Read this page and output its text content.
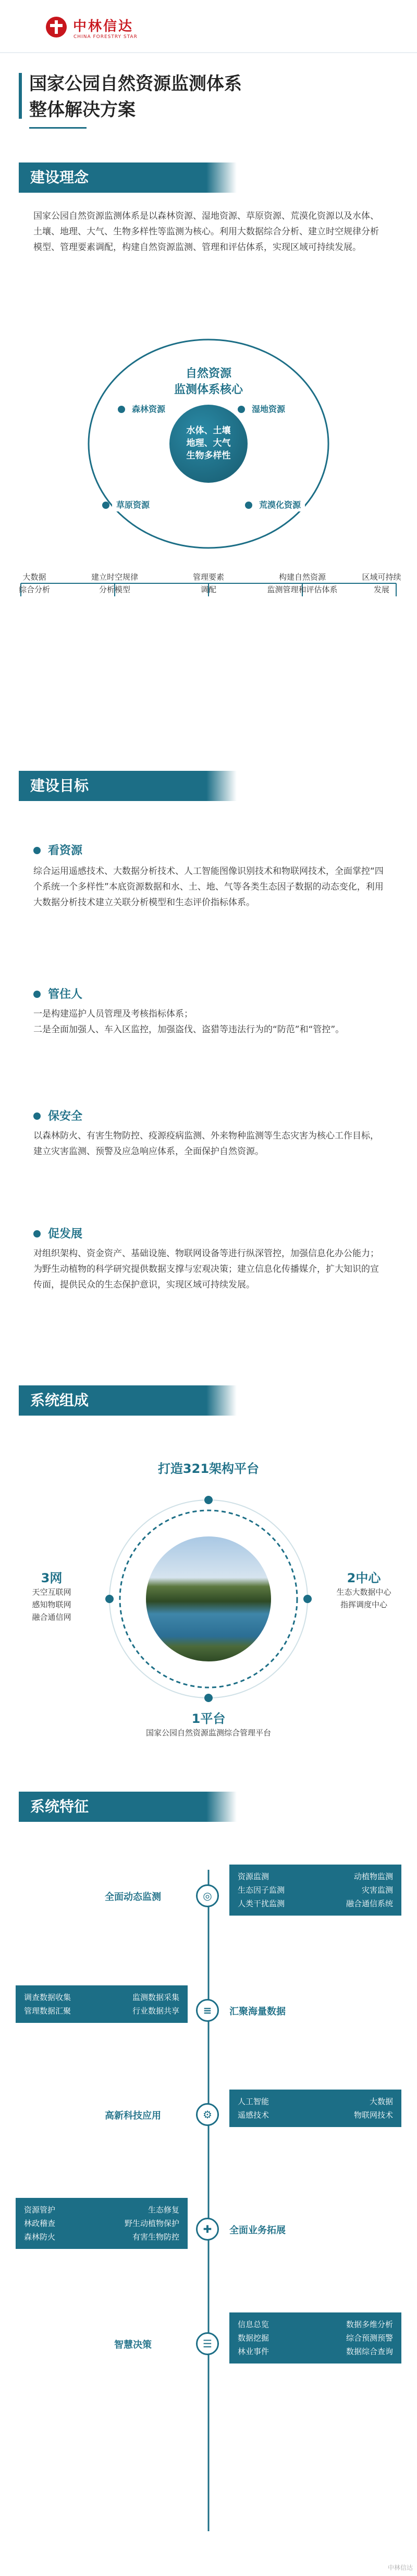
中林信达
CHINA FORESTRY STAR
国家公园自然资源监测体系
整体解决方案
建设理念
国家公园自然资源监测体系是以森林资源、湿地资源、草原资源、荒漠化资源以及水体、土壤、地理、大气、生物多样性等监测为核心。利用大数据综合分析、建立时空规律分析模型、管理要素调配，构建自然资源监测、管理和评估体系，实现区域可持续发展。
自然资源
监测体系核心
水体、土壤
地理、大气
生物多样性
森林资源	湿地资源
草原资源	荒漠化资源
大数据
综合分析
建立时空规律
分析模型
管理要素
调配
构建自然资源
监测管理和评估体系
区域可持续
发展
建设目标
看资源
综合运用遥感技术、大数据分析技术、人工智能图像识别技术和物联网技术，全面掌控“四个系统一个多样性”本底资源数据和水、土、地、气等各类生态因子数据的动态变化，利用大数据分析技术建立关联分析模型和生态评价指标体系。
管住人
一是构建巡护人员管理及考核指标体系；
二是全面加强人、车入区监控，加强盗伐、盗猎等违法行为的“防范”和“管控”。
保安全
以森林防火、有害生物防控、疫源疫病监测、外来物种监测等生态灾害为核心工作目标，建立灾害监测、预警及应急响应体系，全面保护自然资源。
促发展
对组织架构、资金资产、基础设施、物联网设备等进行纵深管控，加强信息化办公能力；为野生动植物的科学研究提供数据支撑与宏观决策；建立信息化传播媒介，扩大知识的宣传面，提供民众的生态保护意识，实现区域可持续发展。
系统组成
打造321架构平台
3网
天空互联网
感知物联网
融合通信网
2中心
生态大数据中心
指挥调度中心
1平台
国家公园自然资源监测综合管理平台
系统特征
◎
全面动态监测
资源监测	动植物监测
生态因子监测	灾害监测
人类干扰监测	融合通信系统
≡	汇聚海量数据
调查数据收集	监测数据采集
管理数据汇聚	行业数据共享
⚙
高新科技应用
人工智能	大数据
遥感技术	物联网技术
✚	全面业务拓展
资源管护	生态修复
林政稽查	野生动植物保护
森林防火	有害生物防控
☰
智慧决策
信息总览	数据多维分析
数据挖掘	综合预测预警
林业事件	数据综合查询
中林信达
